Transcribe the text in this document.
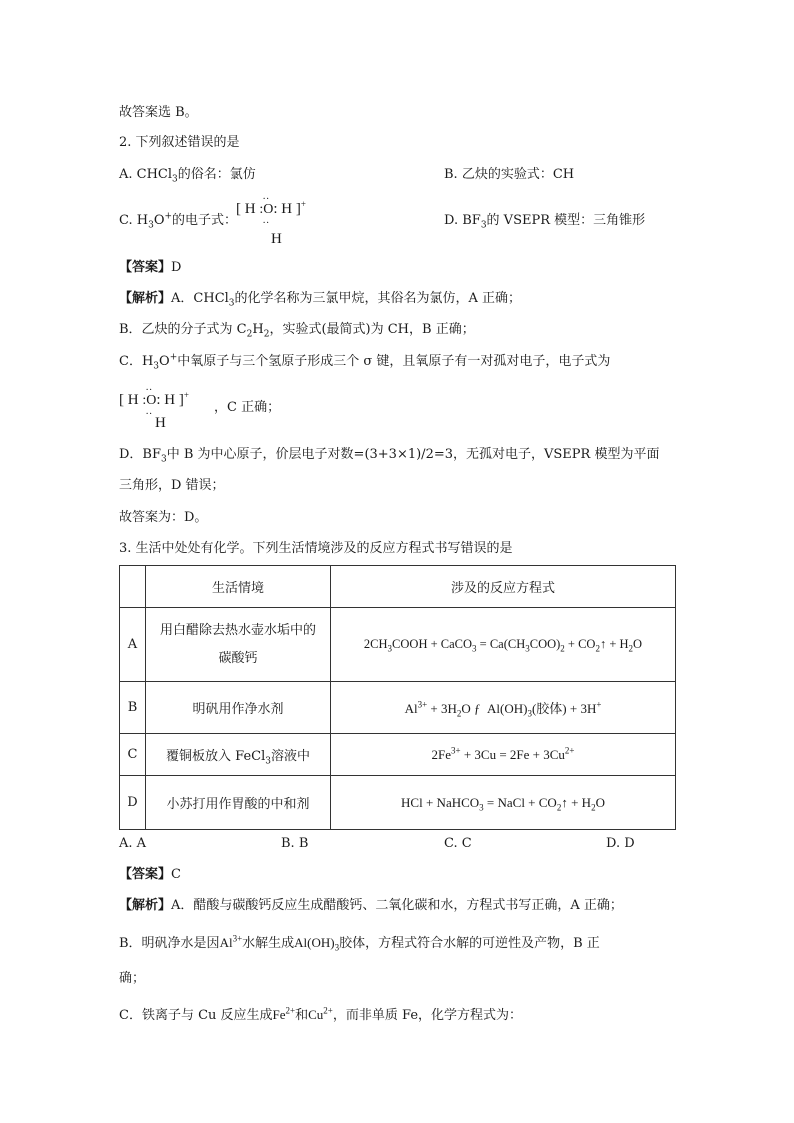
故答案选 B。
2. 下列叙述错误的是
A. CHCl$_3$的俗名：氯仿	B. 乙炔的实验式：CH
C. $H_3O^+$的电子式：
[ H :
..
O
..
: H ]+
H
D. $BF_3$的 VSEPR 模型：三角锥形
【答案】D
【解析】A．CHCl$_3$的化学名称为三氯甲烷，其俗名为氯仿，A 正确；
B．乙炔的分子式为 $C_2H_2$，实验式(最简式)为 CH，B 正确；
C．$H_3O^+$中氧原子与三个氢原子形成三个 σ 键，且氧原子有一对孤对电子，电子式为
[ H :
..
O
..
: H ]+
H
，C 正确；
D．$BF_3$中 B 为中心原子，价层电子对数=(3+3×1)/2=3，无孤对电子，VSEPR 模型为平面
三角形，D 错误；
故答案为：D。
3. 生活中处处有化学。下列生活情境涉及的反应方程式书写错误的是
	生活情境	涉及的反应方程式
A	用白醋除去热水壶水垢中的
碳酸钙	$2CH_3COOH$ + CaCO$_3$ = $Ca(CH_3COO)_2$ + $CO_2↑ + H_2O$
B	明矾用作净水剂	$Al^{3+} + 3H_2O$ ƒ  $Al(OH)_3$(胶体) + 3H+
C	覆铜板放入 FeCl$_3$溶液中	$2Fe^{3+} + 3Cu = 2Fe + 3Cu^{2+}$
D	小苏打用作胃酸的中和剂	HCl + NaHCO$_3$ = NaCl + $CO_2↑ + H_2O$
A. A	B. B	C. C	D. D
【答案】C
【解析】A．醋酸与碳酸钙反应生成醋酸钙、二氧化碳和水，方程式书写正确，A 正确；
B．明矾净水是因$Al^{3+}$水解生成$Al(OH)_3$胶体，方程式符合水解的可逆性及产物，B 正
确；
C．铁离子与 Cu 反应生成$Fe^{2+}$和$Cu^{2+}$，而非单质 Fe，化学方程式为：
